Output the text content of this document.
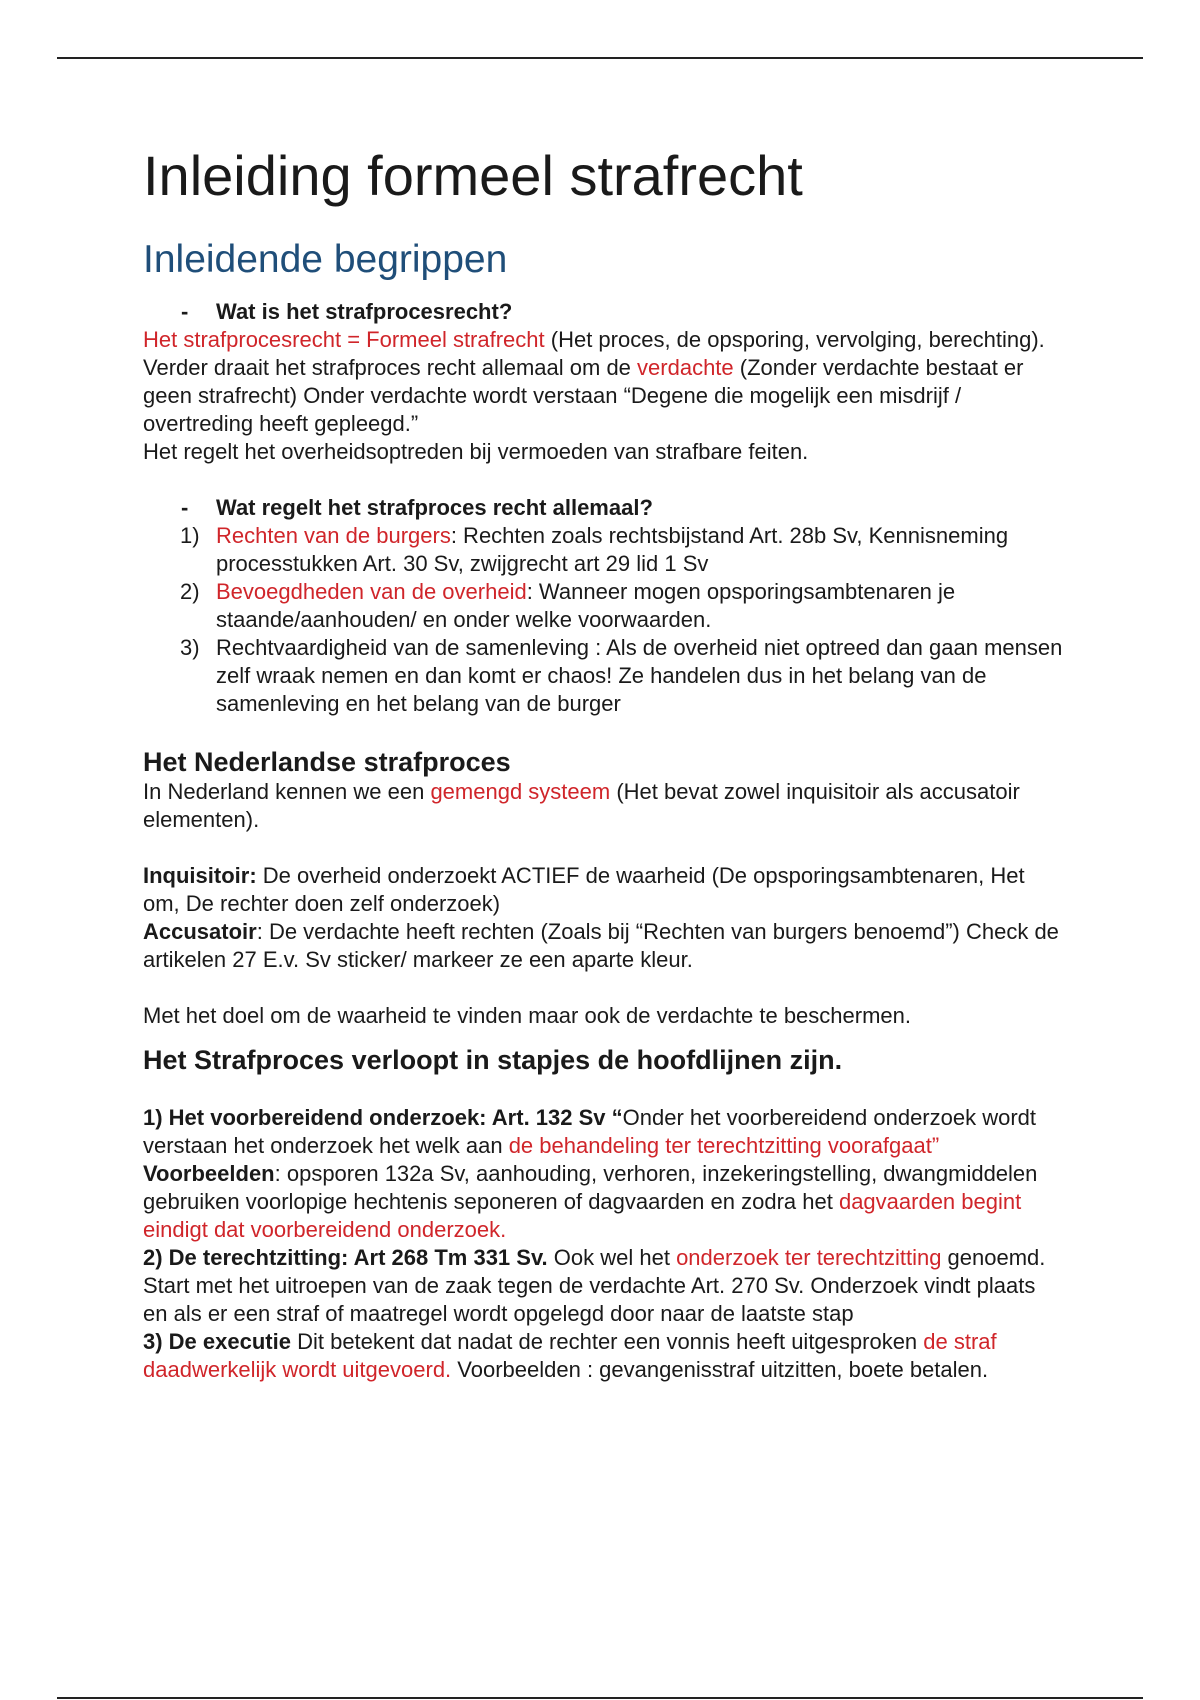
Inleiding formeel strafrecht
Inleidende begrippen

- Wat is het strafprocesrecht?

Het strafprocesrecht = Formeel strafrecht (Het proces, de opsporing, vervolging, berechting).

Verder draait het strafproces recht allemaal om de verdachte (Zonder verdachte bestaat er geen strafrecht) Onder verdachte wordt verstaan “Degene die mogelijk een misdrijf / overtreding heeft gepleegd.”

Het regelt het overheidsoptreden bij vermoeden van strafbare feiten.

- Wat regelt het strafproces recht allemaal?

1) Rechten van de burgers: Rechten zoals rechtsbijstand Art. 28b Sv, Kennisneming processtukken Art. 30 Sv, zwijgrecht art 29 lid 1 Sv

2) Bevoegdheden van de overheid: Wanneer mogen opsporingsambtenaren je staande/aanhouden/ en onder welke voorwaarden.

3) Rechtvaardigheid van de samenleving : Als de overheid niet optreed dan gaan mensen zelf wraak nemen en dan komt er chaos! Ze handelen dus in het belang van de samenleving en het belang van de burger

Het Nederlandse strafproces

In Nederland kennen we een gemengd systeem (Het bevat zowel inquisitoir als accusatoir elementen).

Inquisitoir: De overheid onderzoekt ACTIEF de waarheid (De opsporingsambtenaren, Het om, De rechter doen zelf onderzoek)

Accusatoir: De verdachte heeft rechten (Zoals bij “Rechten van burgers benoemd”) Check de artikelen 27 E.v. Sv sticker/ markeer ze een aparte kleur.

Met het doel om de waarheid te vinden maar ook de verdachte te beschermen.

Het Strafproces verloopt in stapjes de hoofdlijnen zijn.

1) Het voorbereidend onderzoek: Art. 132 Sv “Onder het voorbereidend onderzoek wordt verstaan het onderzoek het welk aan de behandeling ter terechtzitting voorafgaat”

Voorbeelden: opsporen 132a Sv, aanhouding, verhoren, inzekeringstelling, dwangmiddelen gebruiken voorlopige hechtenis seponeren of dagvaarden en zodra het dagvaarden begint eindigt dat voorbereidend onderzoek.

2) De terechtzitting: Art 268 Tm 331 Sv. Ook wel het onderzoek ter terechtzitting genoemd. Start met het uitroepen van de zaak tegen de verdachte Art. 270 Sv. Onderzoek vindt plaats en als er een straf of maatregel wordt opgelegd door naar de laatste stap

3) De executie Dit betekent dat nadat de rechter een vonnis heeft uitgesproken de straf daadwerkelijk wordt uitgevoerd. Voorbeelden : gevangenisstraf uitzitten, boete betalen.
